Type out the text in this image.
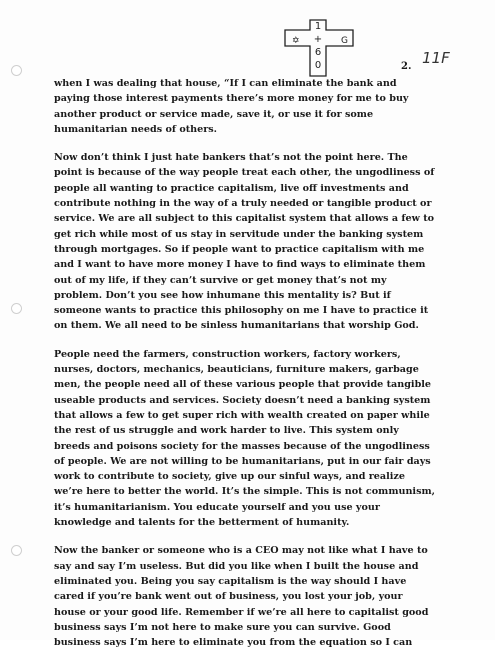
✡	G
1
+
6
0	11F
2.
when I was dealing that house, “If I can eliminate the bank and
paying those interest payments there’s more money for me to buy
another product or service made, save it, or use it for some
humanitarian needs of others.
Now don’t think I just hate bankers that’s not the point here. The
point is because of the way people treat each other, the ungodliness of
people all wanting to practice capitalism, live off investments and
contribute nothing in the way of a truly needed or tangible product or
service. We are all subject to this capitalist system that allows a few to
get rich while most of us stay in servitude under the banking system
through mortgages. So if people want to practice capitalism with me
and I want to have more money I have to find ways to eliminate them
out of my life, if they can’t survive or get money that’s not my
problem. Don’t you see how inhumane this mentality is? But if
someone wants to practice this philosophy on me I have to practice it
on them. We all need to be sinless humanitarians that worship God.
People need the farmers, construction workers, factory workers,
nurses, doctors, mechanics, beauticians, furniture makers, garbage
men, the people need all of these various people that provide tangible
useable products and services. Society doesn’t need a banking system
that allows a few to get super rich with wealth created on paper while
the rest of us struggle and work harder to live. This system only
breeds and poisons society for the masses because of the ungodliness
of people. We are not willing to be humanitarians, put in our fair days
work to contribute to society, give up our sinful ways, and realize
we’re here to better the world. It’s the simple. This is not communism,
it’s humanitarianism. You educate yourself and you use your
knowledge and talents for the betterment of humanity.
Now the banker or someone who is a CEO may not like what I have to
say and say I’m useless. But did you like when I built the house and
eliminated you. Being you say capitalism is the way should I have
cared if you’re bank went out of business, you lost your job, your
house or your good life. Remember if we’re all here to capitalist good
business says I’m not here to make sure you can survive. Good
business says I’m here to eliminate you from the equation so I can
